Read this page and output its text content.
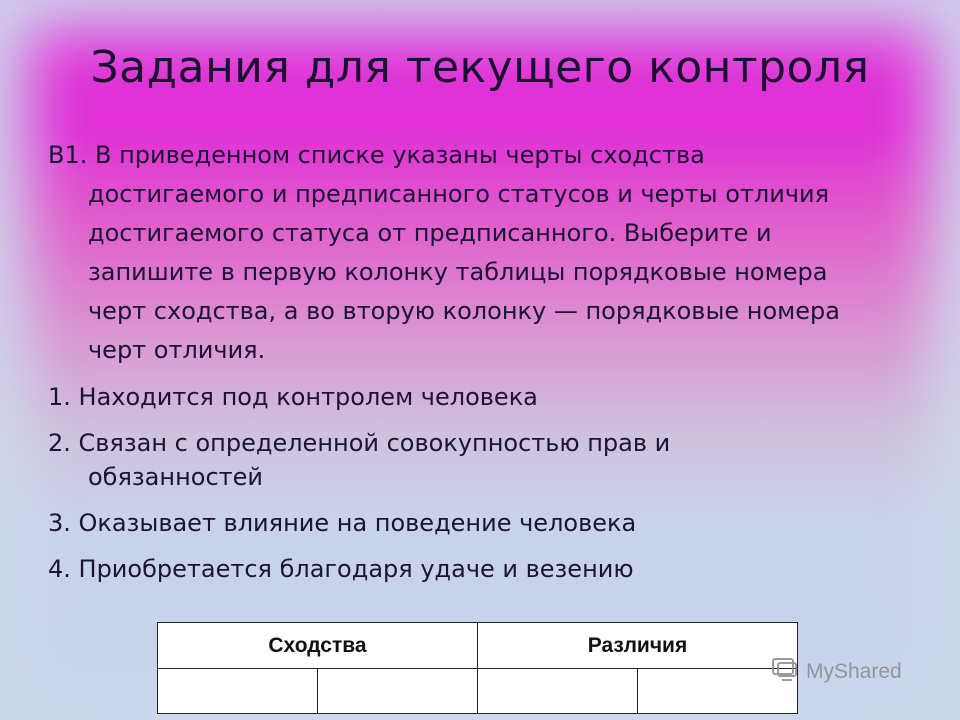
Задания для текущего контроля

В1. В приведенном списке указаны черты сходства достигаемого и предписанного статусов и черты отличия достигаемого статуса от предписанного. Выберите и запишите в первую колонку таблицы порядковые номера черт сходства, а во вторую колонку — порядковые номера черт отличия.

1. Находится под контролем человека

2. Связан с определенной совокупностью прав и обязанностей

3. Оказывает влияние на поведение человека

4. Приобретается благодаря удаче и везению

Сходства		Различия	

MyShared
